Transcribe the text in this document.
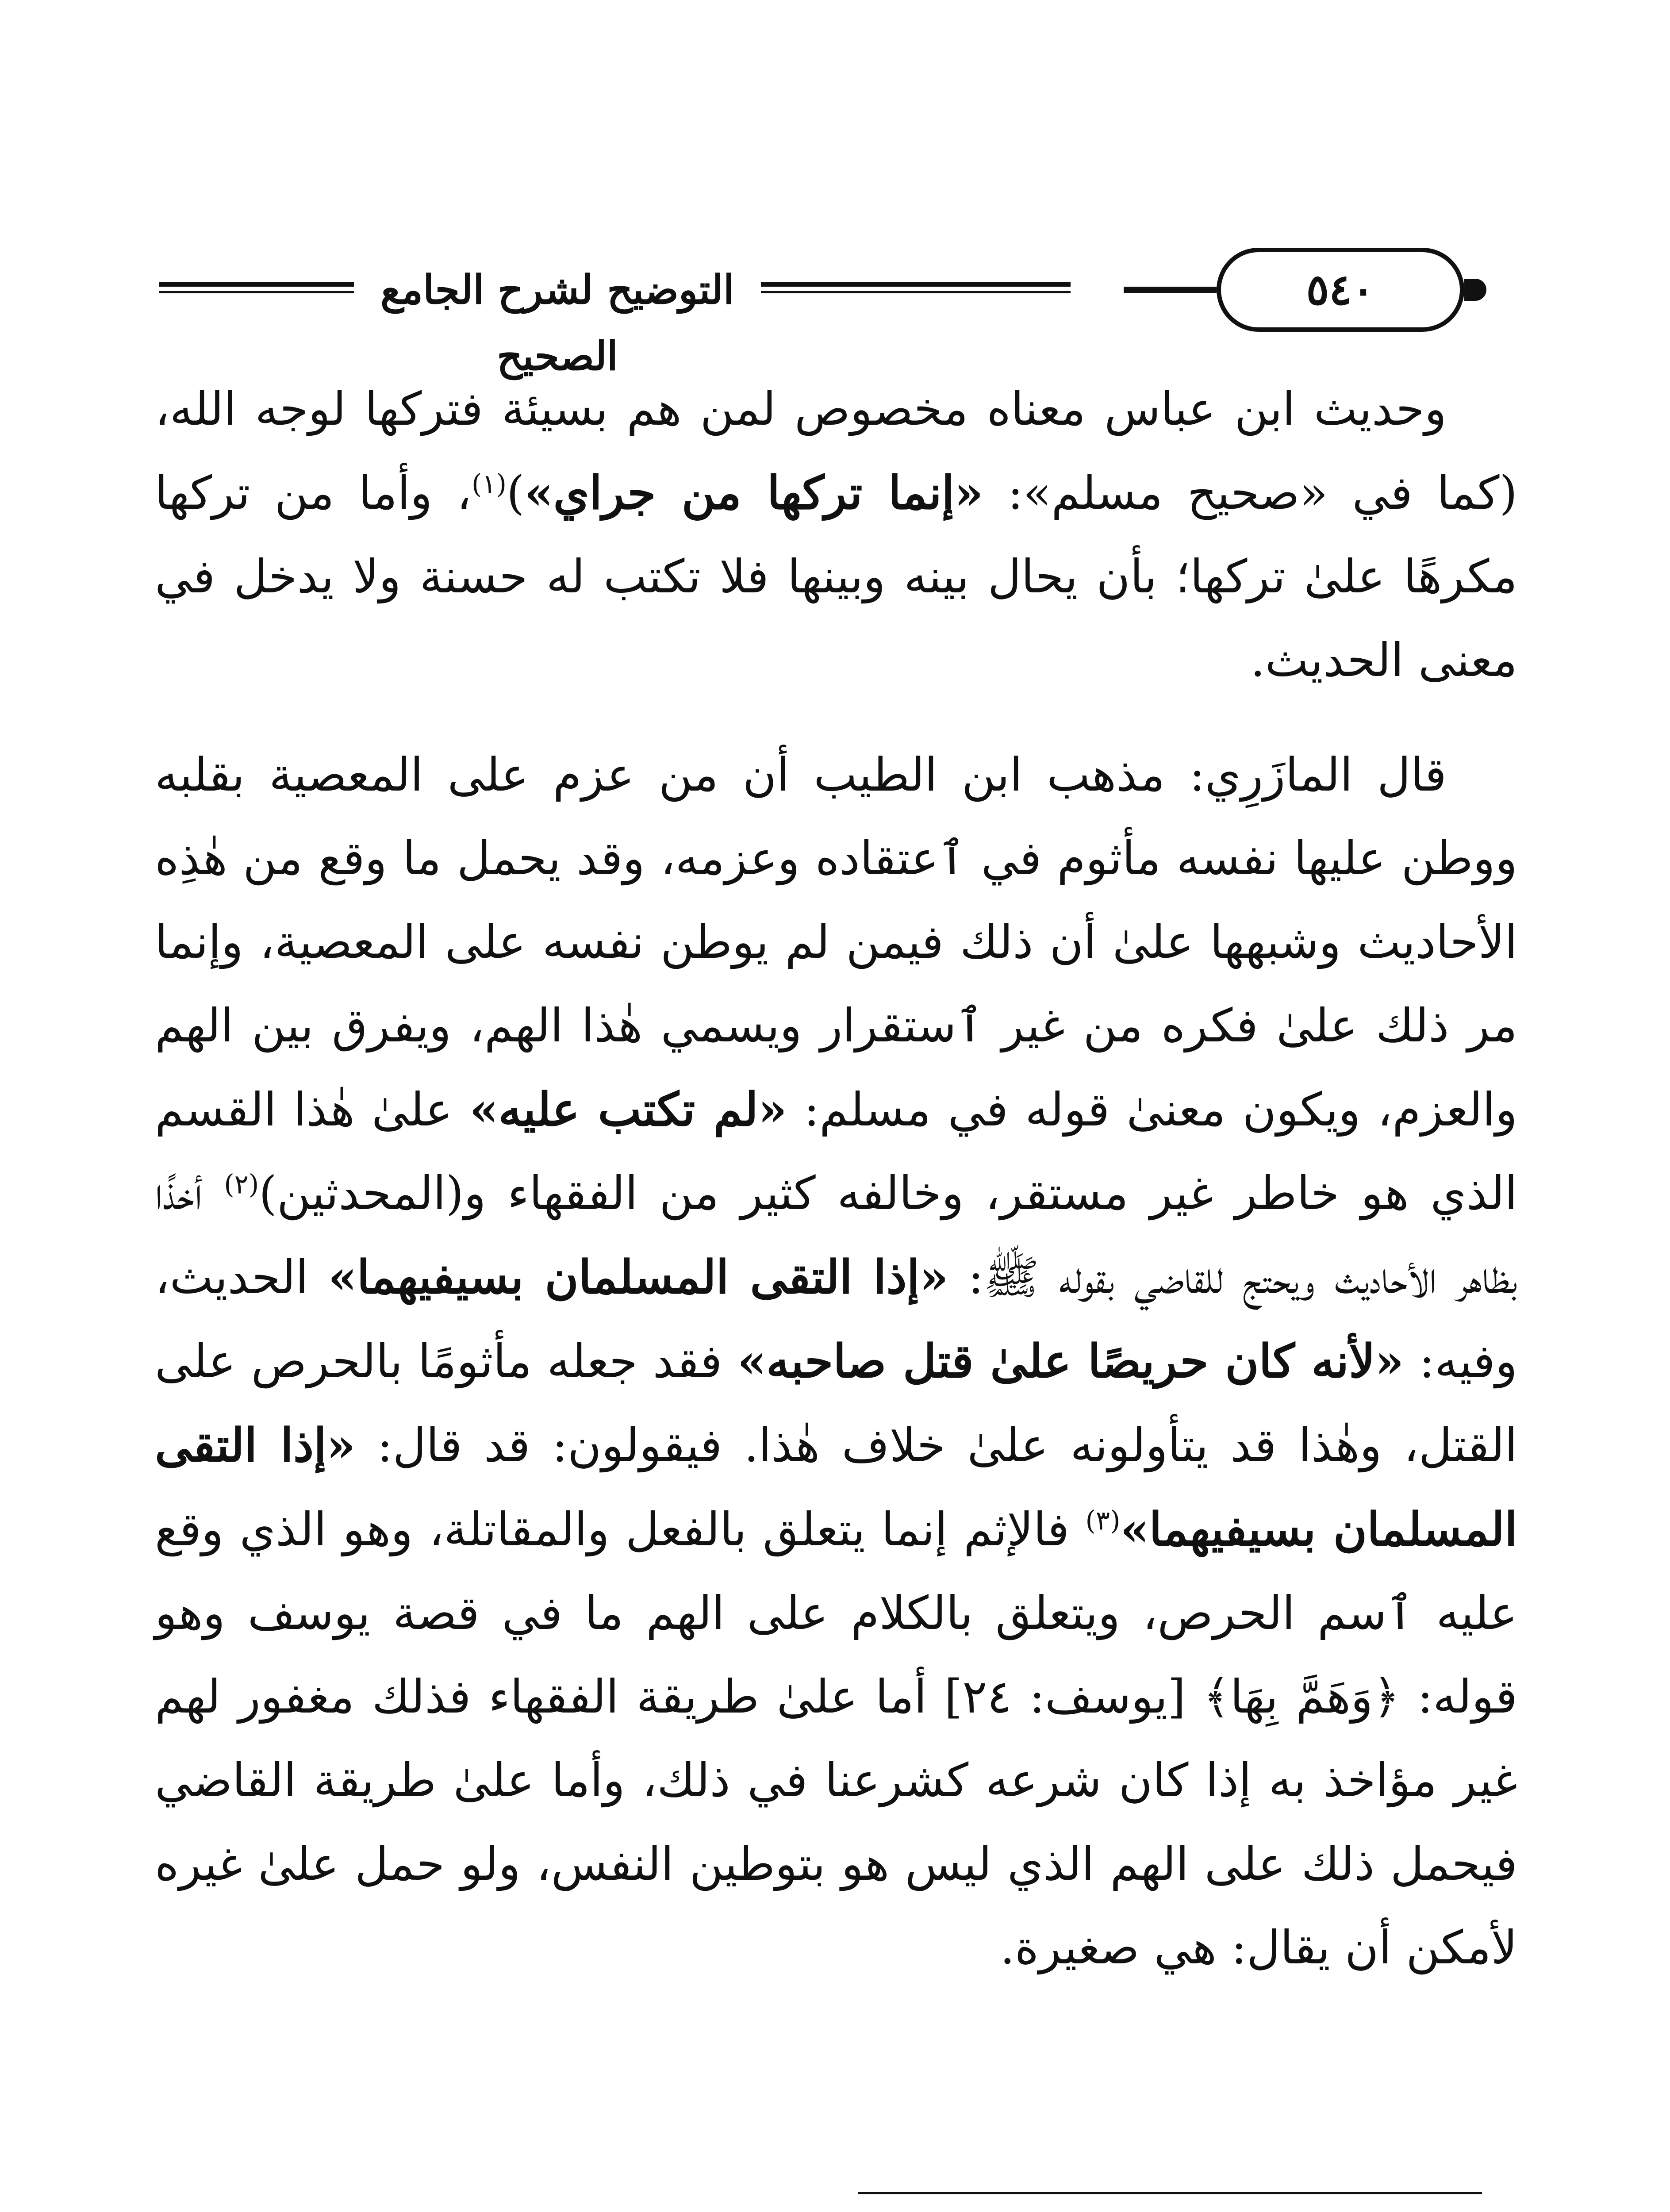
التوضيح لشرح الجامع الصحيح
٥٤٠

وحديث ابن عباس معناه مخصوص لمن هم بسيئة فتركها لوجه الله، (كما في «صحيح مسلم»: «إنما تركها من جراي»)$^{(١)}$، وأما من تركها مكرهًا علىٰ تركها؛ بأن يحال بينه وبينها فلا تكتب له حسنة ولا يدخل في معنى الحديث.

قال المازَرِي: مذهب ابن الطيب أن من عزم على المعصية بقلبه ووطن عليها نفسه مأثوم في ٱعتقاده وعزمه، وقد يحمل ما وقع من هٰذِه الأحاديث وشبهها علىٰ أن ذلك فيمن لم يوطن نفسه على المعصية، وإنما مر ذلك علىٰ فكره من غير ٱستقرار ويسمي هٰذا الهم، ويفرق بين الهم والعزم، ويكون معنىٰ قوله في مسلم: «لم تكتب عليه» علىٰ هٰذا القسم الذي هو خاطر غير مستقر، وخالفه كثير من الفقهاء و(المحدثين)$^{(٢)}$ أخذًا بظاهر الأحاديث ويحتج للقاضي بقوله ﷺ: «إذا التقى المسلمان بسيفيهما» الحديث، وفيه: «لأنه كان حريصًا علىٰ قتل صاحبه» فقد جعله مأثومًا بالحرص على القتل، وهٰذا قد يتأولونه علىٰ خلاف هٰذا. فيقولون: قد قال: «إذا التقى المسلمان بسيفيهما»$^{(٣)}$ فالإثم إنما يتعلق بالفعل والمقاتلة، وهو الذي وقع عليه ٱسم الحرص، ويتعلق بالكلام على الهم ما في قصة يوسف وهو قوله: ﴿وَهَمَّ بِهَا﴾ [يوسف: ٢٤] أما علىٰ طريقة الفقهاء فذلك مغفور لهم غير مؤاخذ به إذا كان شرعه كشرعنا في ذلك، وأما علىٰ طريقة القاضي فيحمل ذلك على الهم الذي ليس هو بتوطين النفس، ولو حمل علىٰ غيره لأمكن أن يقال: هي صغيرة.
